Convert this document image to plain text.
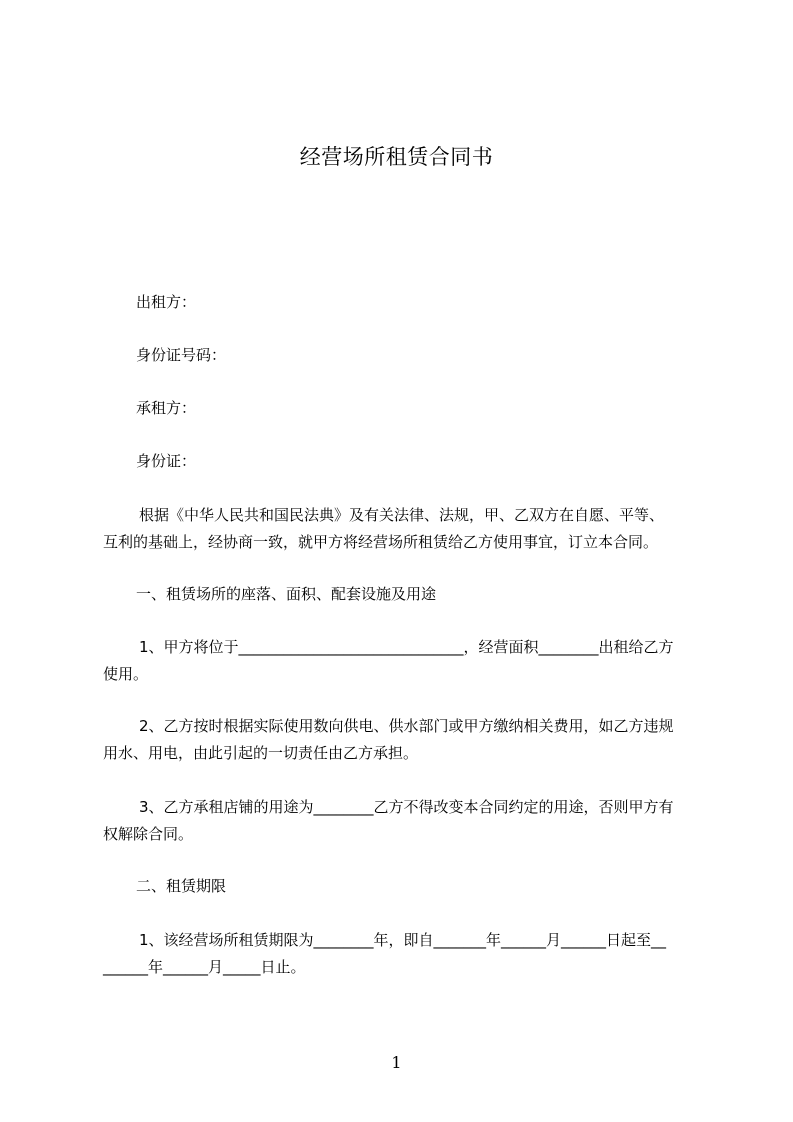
经营场所租赁合同书
出租方：
身份证号码：
承租方：
身份证：
根据《中华人民共和国民法典》及有关法律、法规，甲、乙双方在自愿、平等、
互利的基础上，经协商一致，就甲方将经营场所租赁给乙方使用事宜，订立本合同。
一、租赁场所的座落、面积、配套设施及用途
1、甲方将位于______________________________，经营面积________出租给乙方
使用。
2、乙方按时根据实际使用数向供电、供水部门或甲方缴纳相关费用，如乙方违规
用水、用电，由此引起的一切责任由乙方承担。
3、乙方承租店铺的用途为________乙方不得改变本合同约定的用途，否则甲方有
权解除合同。
二、租赁期限
1、该经营场所租赁期限为________年，即自_______年______月______日起至__
______年______月_____日止。
1
